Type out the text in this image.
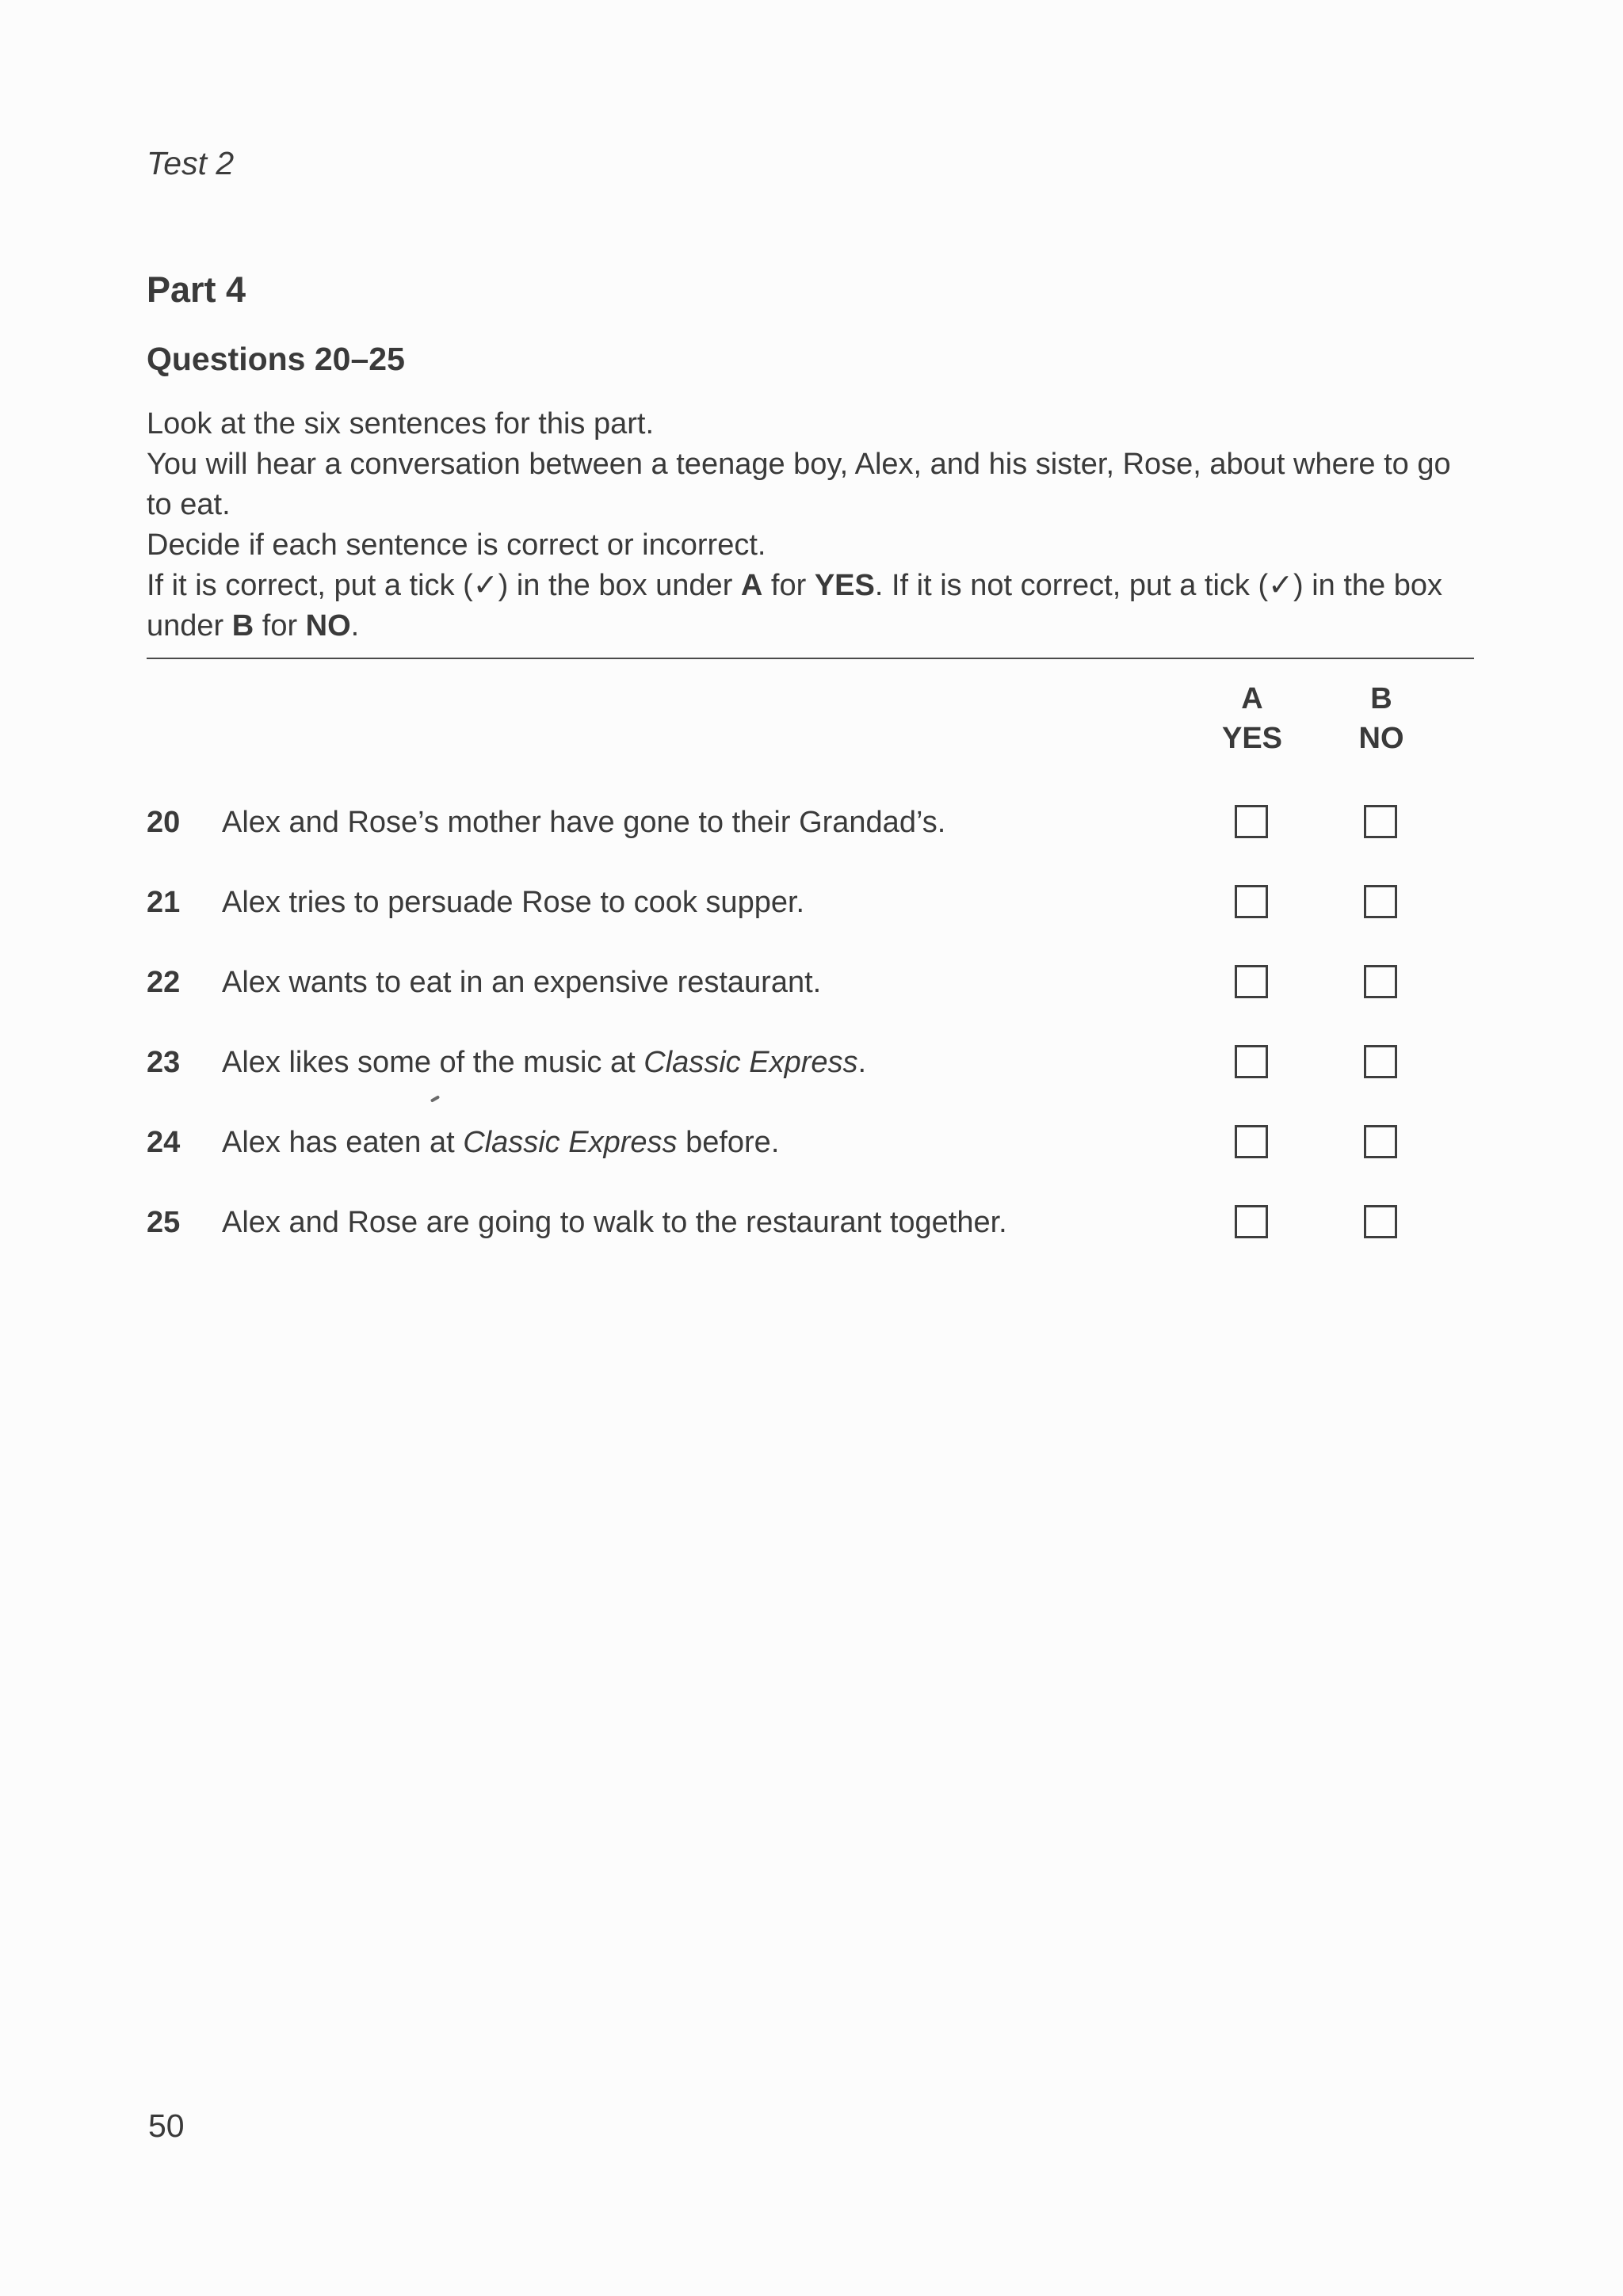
Test 2
Part 4
Questions 20–25

Look at the six sentences for this part.

You will hear a conversation between a teenage boy, Alex, and his sister, Rose, about where to go to eat.

Decide if each sentence is correct or incorrect.

If it is correct, put a tick (✓) in the box under A for YES. If it is not correct, put a tick (✓) in the box under B for NO.

A
YES
B
NO
20 Alex and Rose’s mother have gone to their Grandad’s.
21 Alex tries to persuade Rose to cook supper.
22 Alex wants to eat in an expensive restaurant.
23 Alex likes some of the music at Classic Express.
24 Alex has eaten at Classic Express before.
25 Alex and Rose are going to walk to the restaurant together.
50
